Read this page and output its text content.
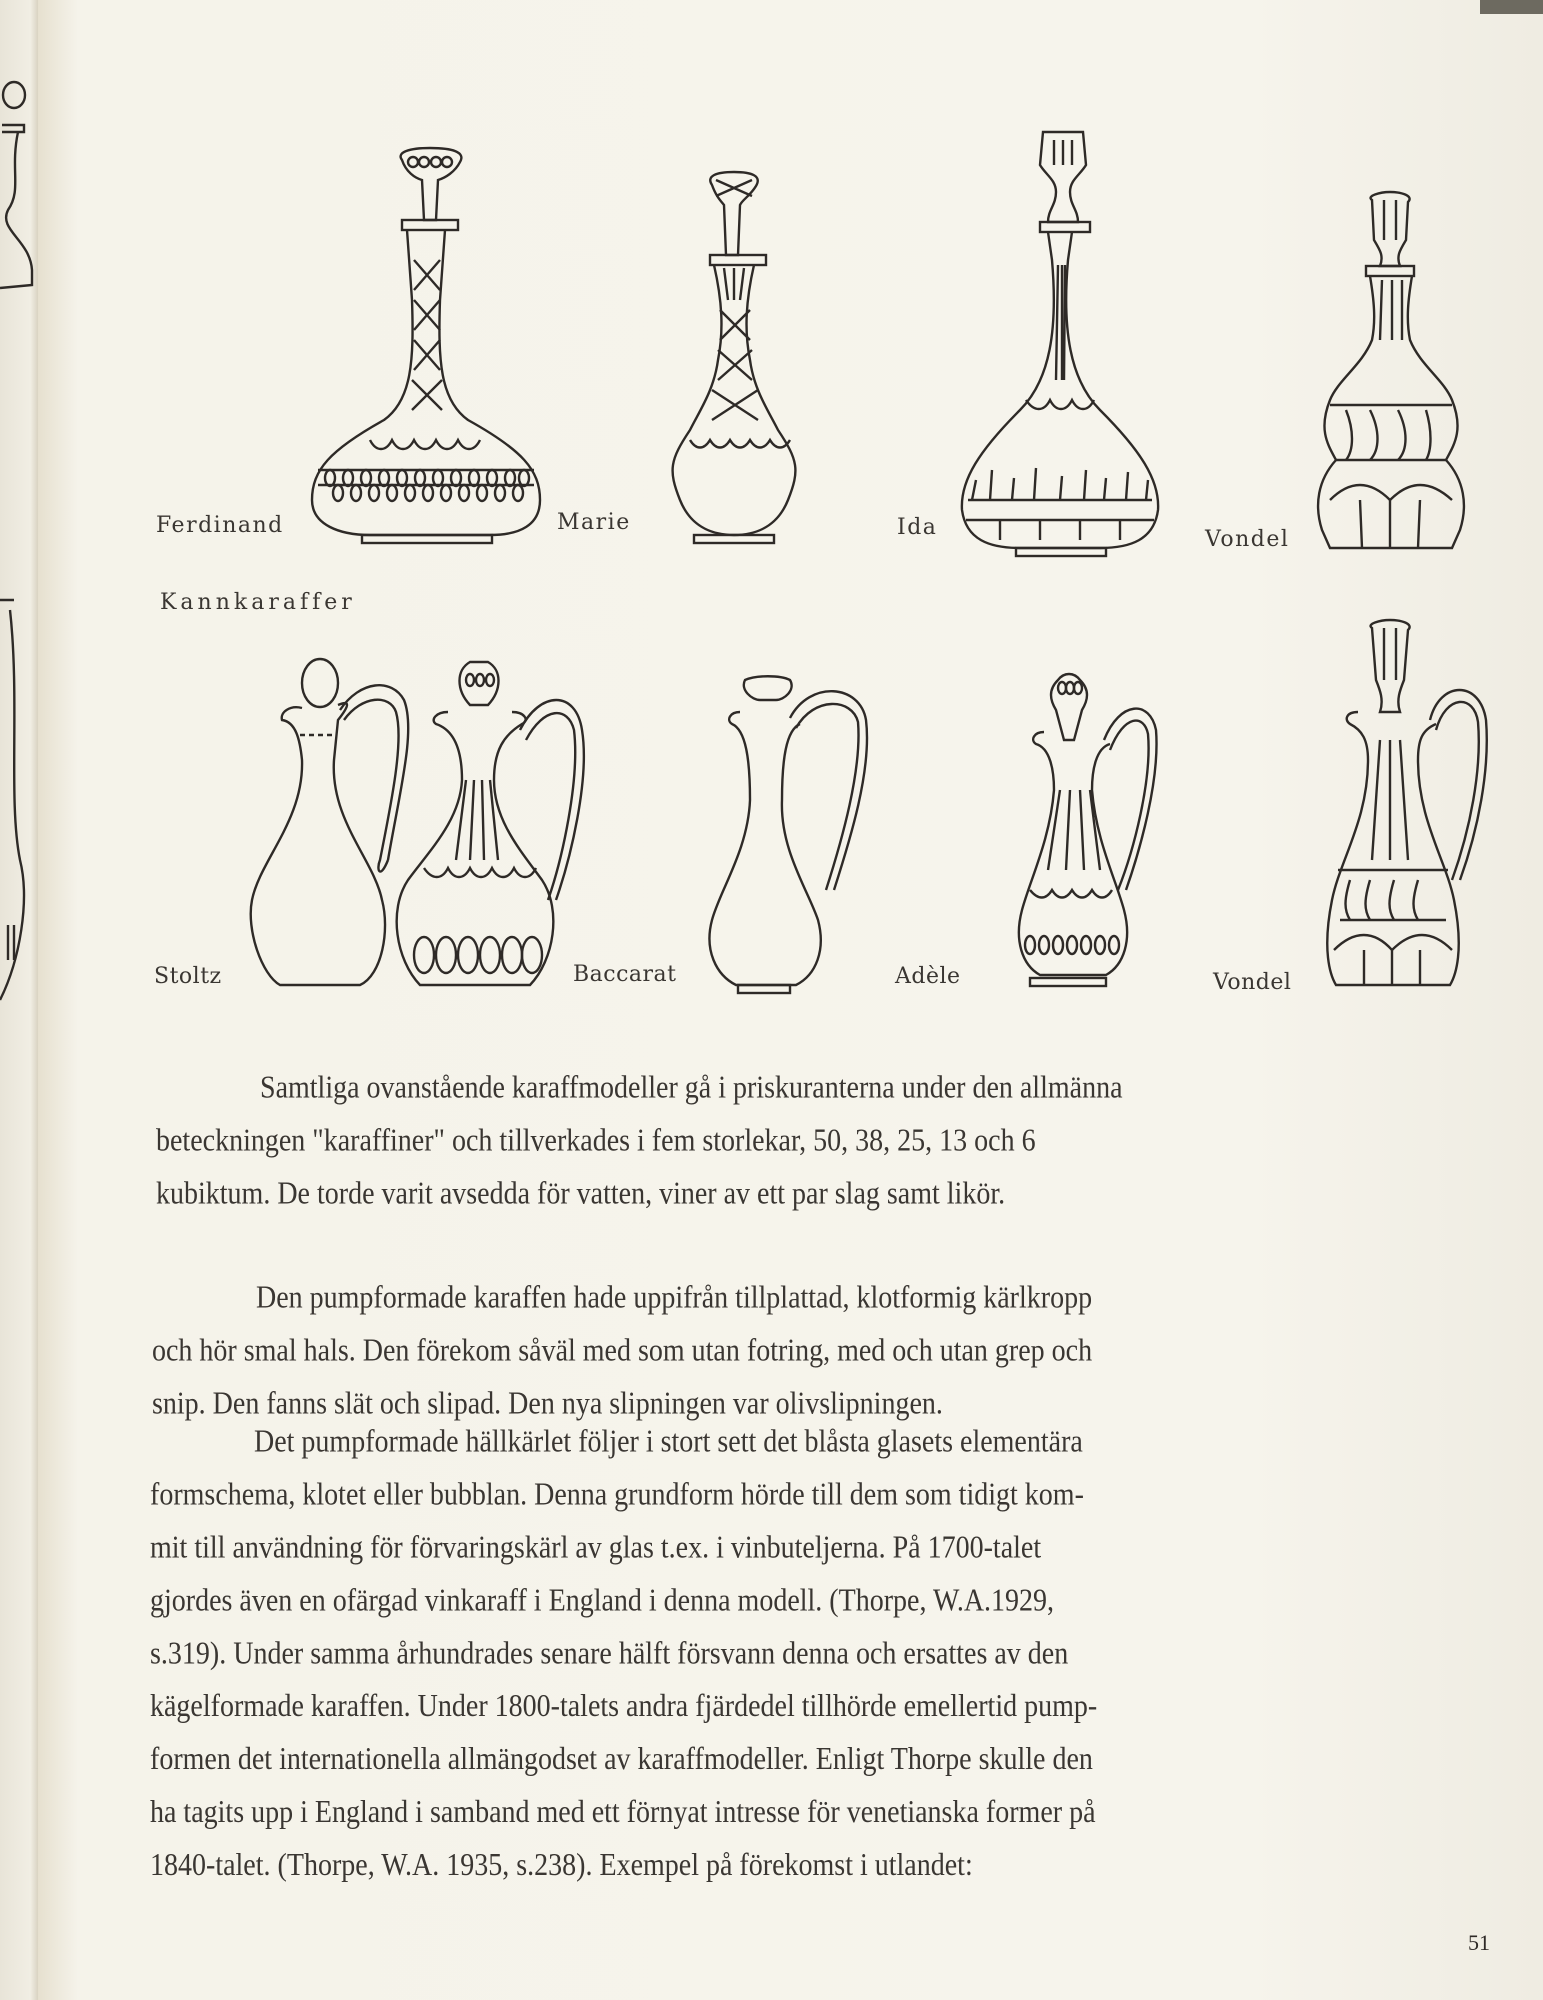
Ferdinand	Marie	Ida	Vondel
Kannkaraffer
Stoltz	Baccarat	Adèle	Vondel
Samtliga ovanstående karaffmodeller gå i priskuranterna under den allmänna
beteckningen "karaffiner" och tillverkades i fem storlekar, 50, 38, 25, 13 och 6
kubiktum. De torde varit avsedda för vatten, viner av ett par slag samt likör.
Den pumpformade karaffen hade uppifrån tillplattad, klotformig kärlkropp
och hör smal hals. Den förekom såväl med som utan fotring, med och utan grep och
snip. Den fanns slät och slipad. Den nya slipningen var olivslipningen.
Det pumpformade hällkärlet följer i stort sett det blåsta glasets elementära
formschema, klotet eller bubblan. Denna grundform hörde till dem som tidigt kom-
mit till användning för förvaringskärl av glas t.ex. i vinbuteljerna. På 1700-talet
gjordes även en ofärgad vinkaraff i England i denna modell. (Thorpe, W.A.1929,
s.319). Under samma århundrades senare hälft försvann denna och ersattes av den
kägelformade karaffen. Under 1800-talets andra fjärdedel tillhörde emellertid pump-
formen det internationella allmängodset av karaffmodeller. Enligt Thorpe skulle den
ha tagits upp i England i samband med ett förnyat intresse för venetianska former på
1840-talet. (Thorpe, W.A. 1935, s.238). Exempel på förekomst i utlandet:
51
